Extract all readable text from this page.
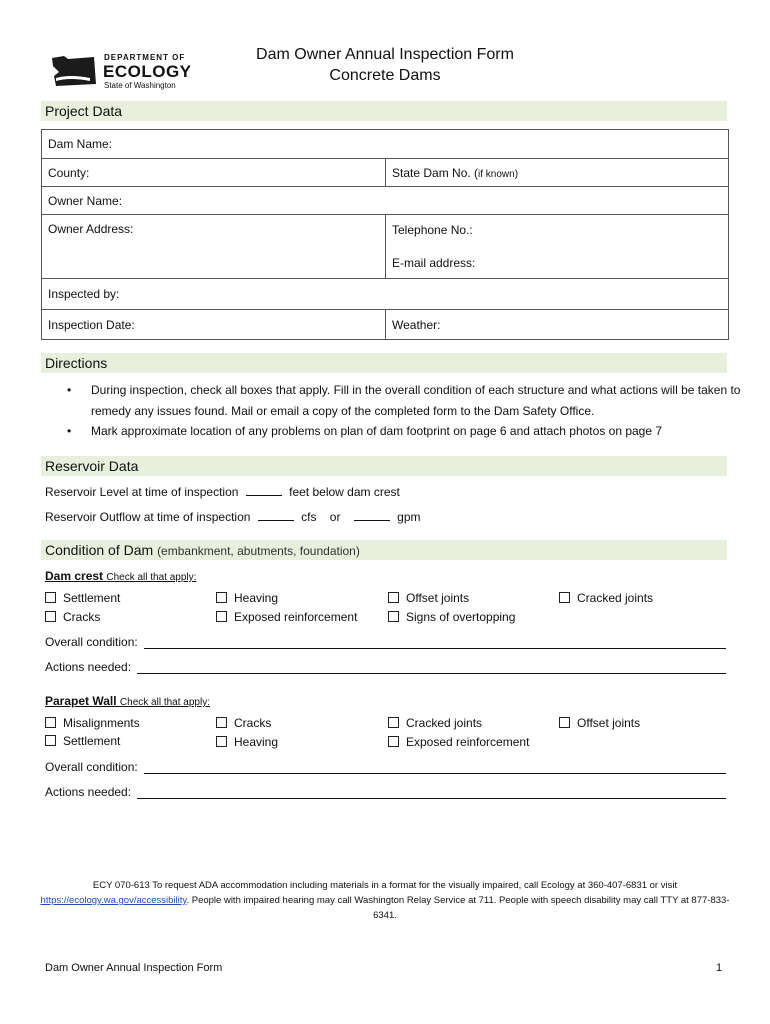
DEPARTMENT OF
ECOLOGY
State of Washington
Dam Owner Annual Inspection Form
Concrete Dams
Project Data
Dam Name:	
County:	State Dam No. (if known)
Owner Name:	
Owner Address:	Telephone No.:
E-mail address:

Inspected by:	
Inspection Date:	Weather:
Directions
• During inspection, check all boxes that apply. Fill in the overall condition of each structure and what actions will be taken to remedy any issues found. Mail or email a copy of the completed form to the Dam Safety Office.
• Mark approximate location of any problems on plan of dam footprint on page 6 and attach photos on page 7
Reservoir Data
Reservoir Level at time of inspection	feet below dam crest
Reservoir Outflow at time of inspection	cfs or	gpm
Condition of Dam (embankment, abutments, foundation)
Dam crest Check all that apply:
Settlement	Heaving	Offset joints	Cracked joints
Cracks	Exposed reinforcement	Signs of overtopping
Overall condition:
Actions needed:
Parapet Wall Check all that apply:
Misalignments	Cracks	Cracked joints	Offset joints
Settlement	Heaving	Exposed reinforcement
Overall condition:
Actions needed:
ECY 070-613 To request ADA accommodation including materials in a format for the visually impaired, call Ecology at 360-407-6831 or visit https://ecology.wa.gov/accessibility. People with impaired hearing may call Washington Relay Service at 711. People with speech disability may call TTY at 877-833-6341.
Dam Owner Annual Inspection Form	1
